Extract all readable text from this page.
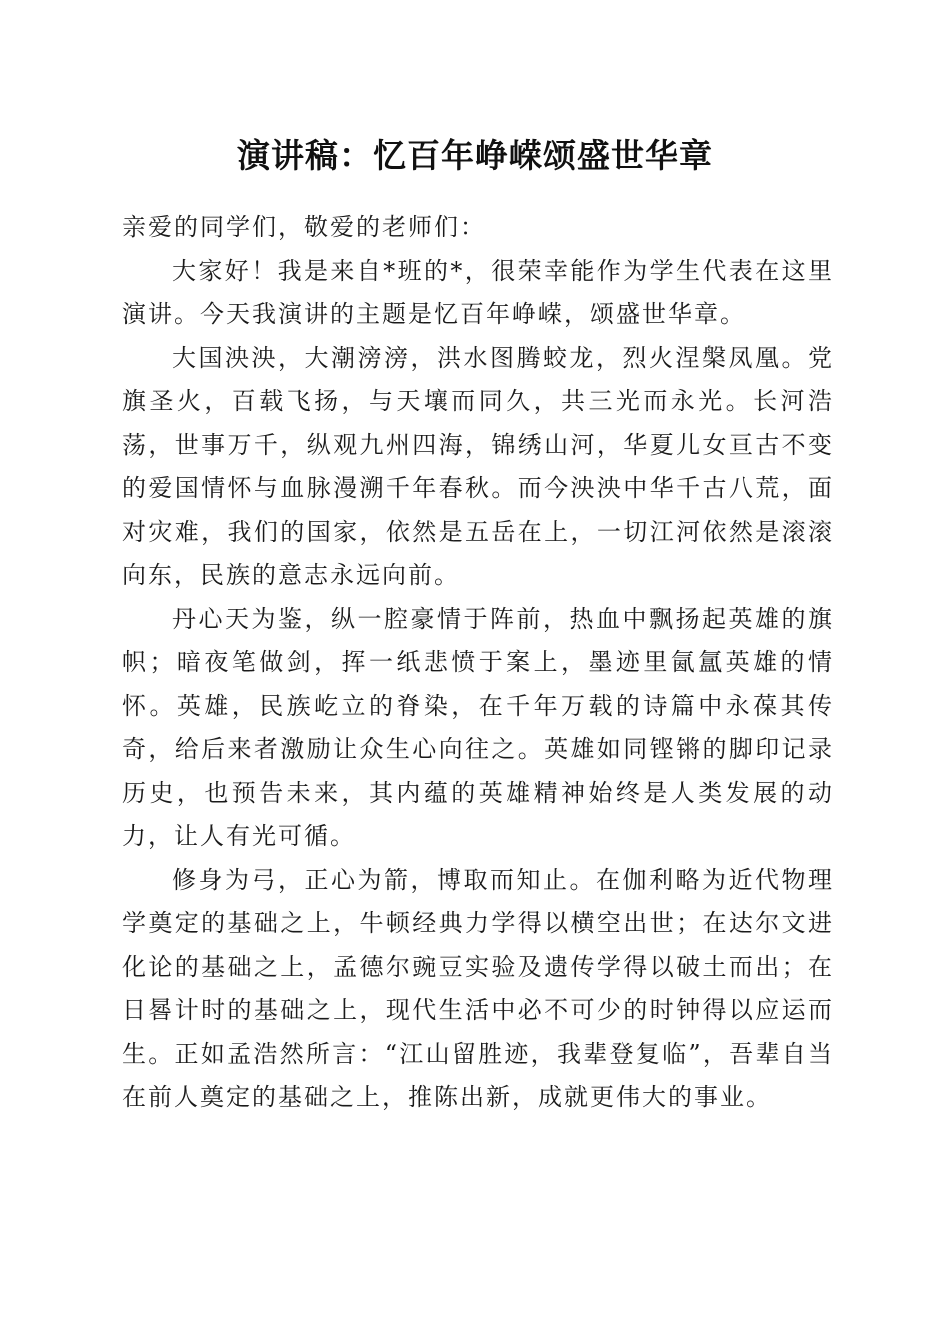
演讲稿：忆百年峥嵘颂盛世华章

亲爱的同学们，敬爱的老师们：

大家好！我是来自*班的*，很荣幸能作为学生代表在这里演讲。今天我演讲的主题是忆百年峥嵘，颂盛世华章。

大国泱泱，大潮滂滂，洪水图腾蛟龙，烈火涅槃凤凰。党旗圣火，百载飞扬，与天壤而同久，共三光而永光。长河浩荡，世事万千，纵观九州四海，锦绣山河，华夏儿女亘古不变的爱国情怀与血脉漫溯千年春秋。而今泱泱中华千古八荒，面对灾难，我们的国家，依然是五岳在上，一切江河依然是滚滚向东，民族的意志永远向前。

丹心天为鉴，纵一腔豪情于阵前，热血中飘扬起英雄的旗帜；暗夜笔做剑，挥一纸悲愤于案上，墨迹里氤氲英雄的情怀。英雄，民族屹立的脊染，在千年万载的诗篇中永葆其传奇，给后来者激励让众生心向往之。英雄如同铿锵的脚印记录历史，也预告未来，其内蕴的英雄精神始终是人类发展的动力，让人有光可循。

修身为弓，正心为箭，博取而知止。在伽利略为近代物理学奠定的基础之上，牛顿经典力学得以横空出世；在达尔文进化论的基础之上，孟德尔豌豆实验及遗传学得以破土而出；在日晷计时的基础之上，现代生活中必不可少的时钟得以应运而生。正如孟浩然所言：“江山留胜迹，我辈登复临”，吾辈自当在前人奠定的基础之上，推陈出新，成就更伟大的事业。
